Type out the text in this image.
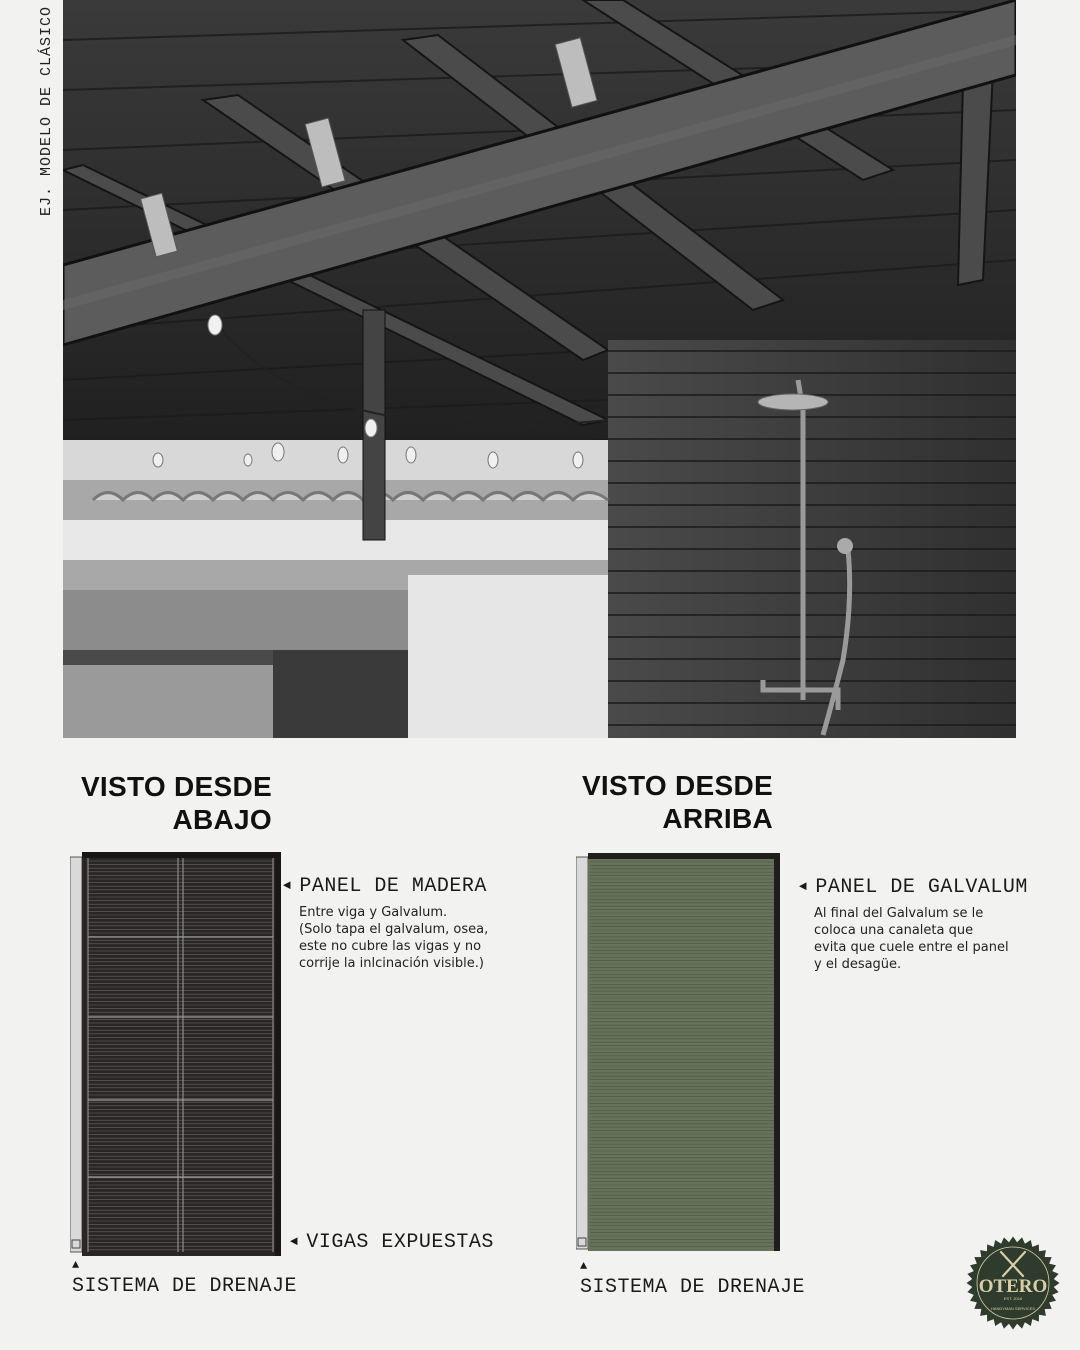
EJ. MODELO DE CLÁSICO
VISTO DESDE
ABAJO
◄ PANEL DE MADERA
Entre viga y Galvalum.
(Solo tapa el galvalum, osea,
este no cubre las vigas y no
corrije la inlcinación visible.)
◄ VIGAS EXPUESTAS
▲
SISTEMA DE DRENAJE
VISTO DESDE
ARRIBA
◄ PANEL DE GALVALUM
Al final del Galvalum se le
coloca una canaleta que
evita que cuele entre el panel
y el desagüe.
▲
SISTEMA DE DRENAJE	OTERO
EST. 2016
HANDYMAN SERVICES
